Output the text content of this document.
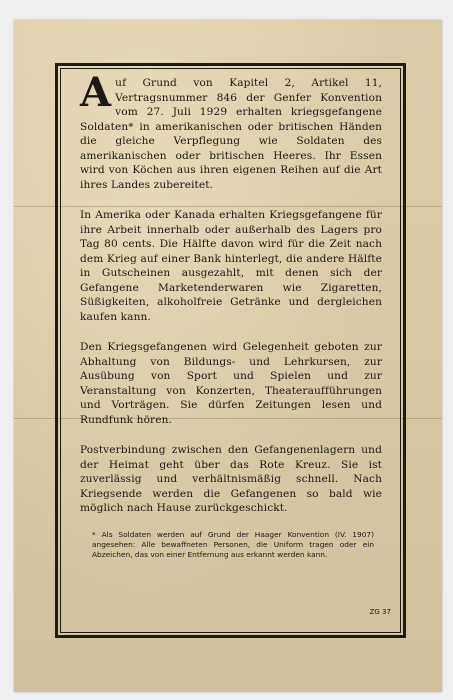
Auf Grund von Kapitel 2, Artikel 11, Vertragsnummer 846 der Genfer Konvention vom 27. Juli 1929 erhalten kriegsgefangene Soldaten* in amerikanischen oder britischen Händen die gleiche Verpflegung wie Soldaten des amerikanischen oder britischen Heeres. Ihr Essen wird von Köchen aus ihren eigenen Reihen auf die Art ihres Landes zubereitet.

In Amerika oder Kanada erhalten Kriegsgefangene für ihre Arbeit innerhalb oder außerhalb des Lagers pro Tag 80 cents. Die Hälfte davon wird für die Zeit nach dem Krieg auf einer Bank hinterlegt, die andere Hälfte in Gutscheinen ausgezahlt, mit denen sich der Gefangene Marketenderwaren wie Zigaretten, Süßigkeiten, alkoholfreie Getränke und dergleichen kaufen kann.

Den Kriegsgefangenen wird Gelegenheit geboten zur Abhaltung von Bildungs- und Lehrkursen, zur Ausübung von Sport und Spielen und zur Veranstaltung von Konzerten, Theateraufführungen und Vorträgen. Sie dürfen Zeitungen lesen und Rundfunk hören.

Postverbindung zwischen den Gefangenenlagern und der Heimat geht über das Rote Kreuz. Sie ist zuverlässig und verhältnismäßig schnell. Nach Kriegsende werden die Gefangenen so bald wie möglich nach Hause zurückgeschickt.

* Als Soldaten werden auf Grund der Haager Konvention (IV. 1907) angesehen: Alle bewaffneten Personen, die Uniform tragen oder ein Abzeichen, das von einer Entfernung aus erkannt werden kann.
ZG 37
